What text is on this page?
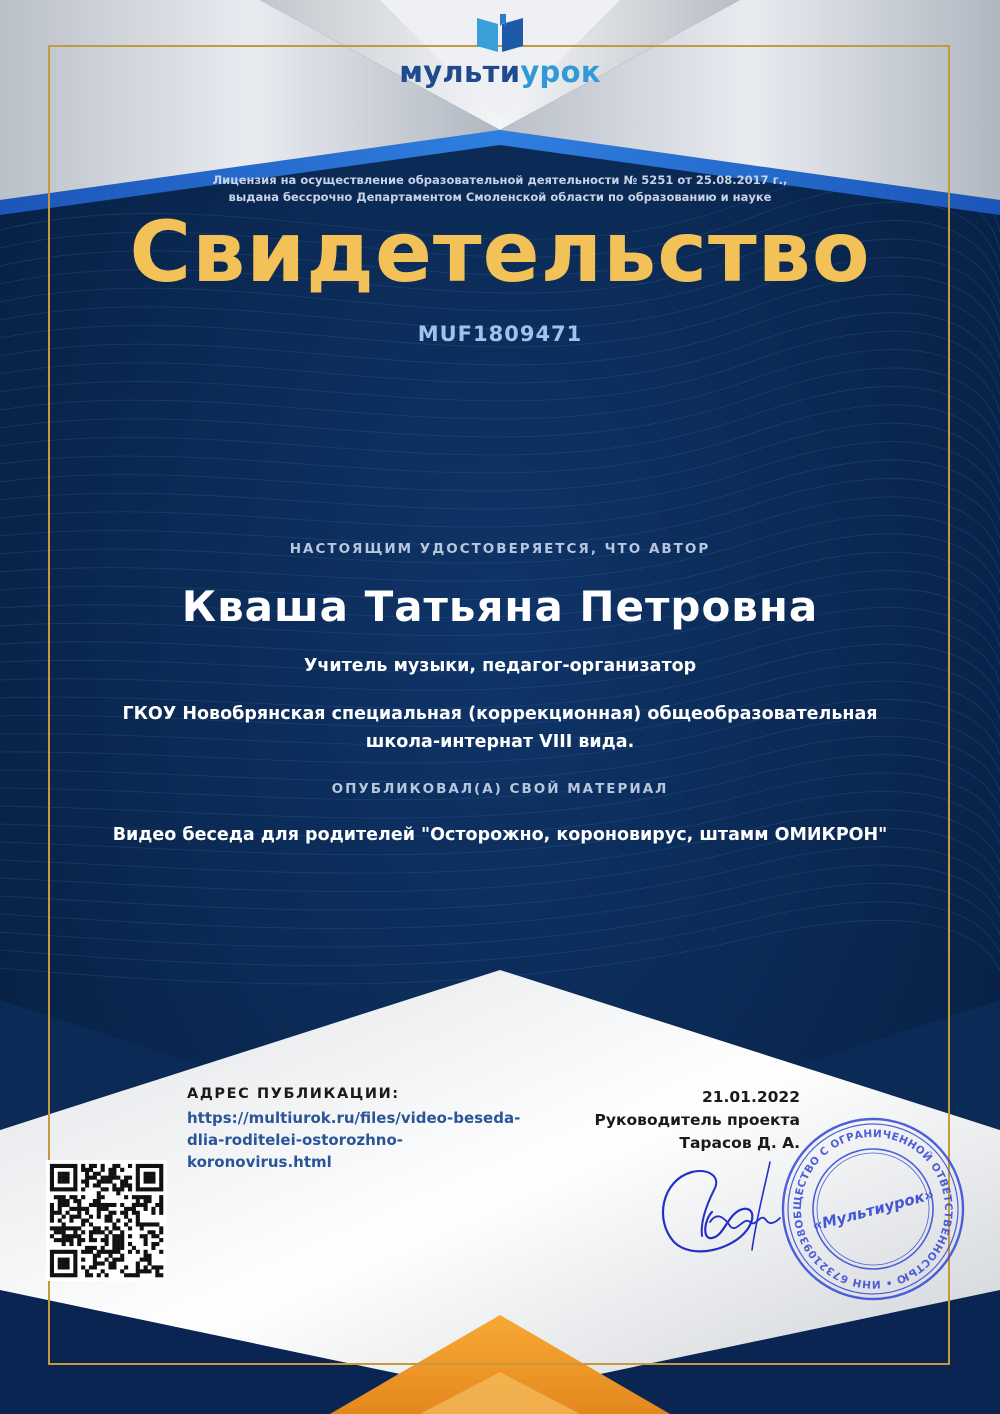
мультиурок
Лицензия на осуществление образовательной деятельности № 5251 от 25.08.2017 г.,
выдана бессрочно Департаментом Смоленской области по образованию и науке
Свидетельство
MUF1809471
НАСТОЯЩИМ УДОСТОВЕРЯЕТСЯ, ЧТО АВТОР
Кваша Татьяна Петровна
Учитель музыки, педагог-организатор
ГКОУ Новобрянская специальная (коррекционная) общеобразовательная
школа-интернат VIII вида.
ОПУБЛИКОВАЛ(А) СВОЙ МАТЕРИАЛ
Видео беседа для родителей "Осторожно, короновирус, штамм ОМИКРОН"
АДРЕС ПУБЛИКАЦИИ:
https://multiurok.ru/files/video-beseda-
dlia-roditelei-ostorozhno-
koronovirus.html
21.01.2022
Руководитель проекта
Тарасов Д. А.
ОБЩЕСТВО С ОГРАНИЧЕННОЙ ОТВЕТСТВЕННОСТЬЮ • ИНН 6732109381
«Мультиурок»
